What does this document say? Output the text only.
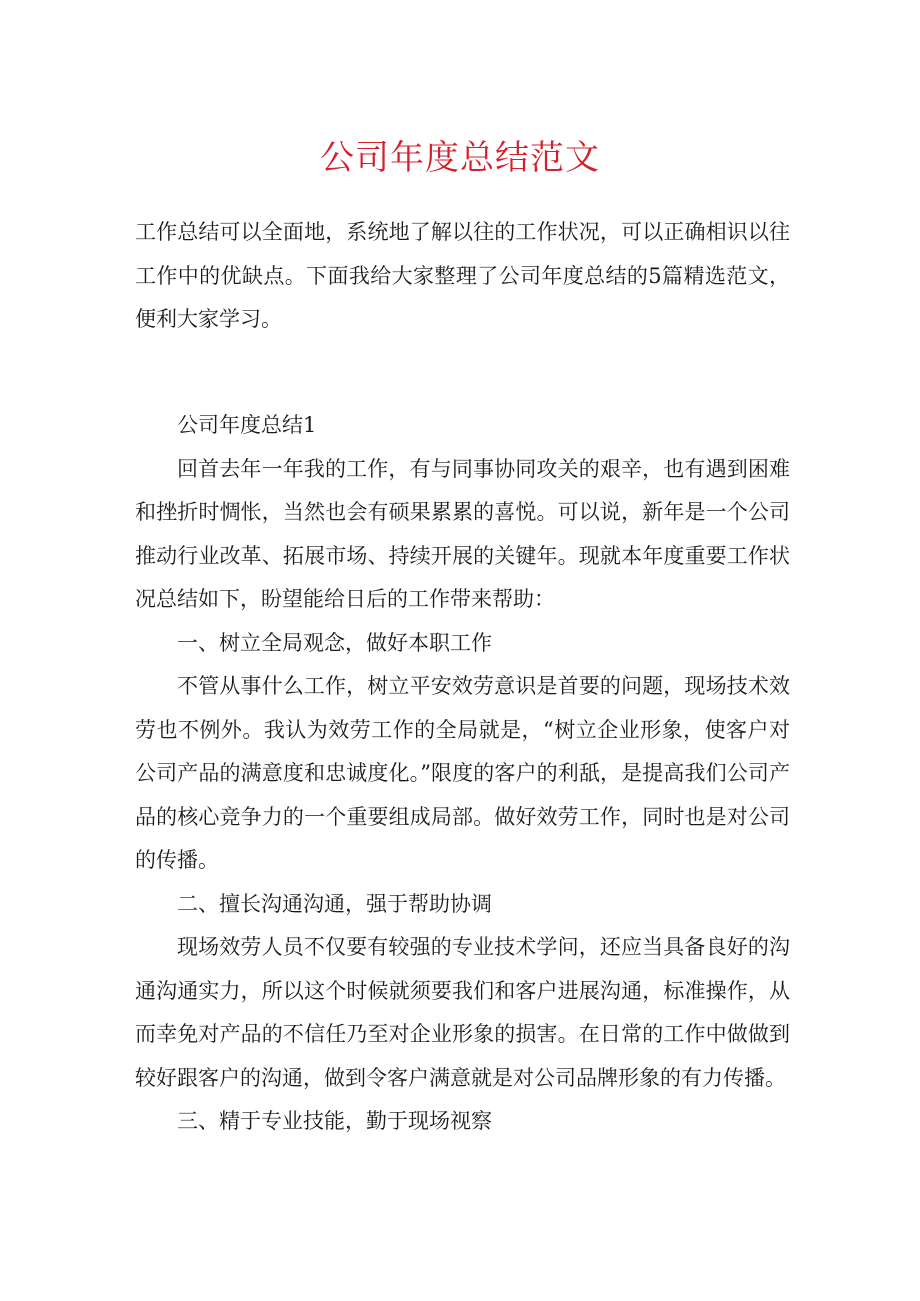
公司年度总结范文

工作总结可以全面地，系统地了解以往的工作状况，可以正确相识以往工作中的优缺点。下面我给大家整理了公司年度总结的5篇精选范文，便利大家学习。

公司年度总结1

回首去年一年我的工作，有与同事协同攻关的艰辛，也有遇到困难和挫折时惆怅，当然也会有硕果累累的喜悦。可以说，新年是一个公司推动行业改革、拓展市场、持续开展的关键年。现就本年度重要工作状况总结如下，盼望能给日后的工作带来帮助：

一、树立全局观念，做好本职工作

不管从事什么工作，树立平安效劳意识是首要的问题，现场技术效劳也不例外。我认为效劳工作的全局就是，“树立企业形象，使客户对公司产品的满意度和忠诚度化。”限度的客户的利舐，是提高我们公司产品的核心竞争力的一个重要组成局部。做好效劳工作，同时也是对公司的传播。

二、擅长沟通沟通，强于帮助协调

现场效劳人员不仅要有较强的专业技术学问，还应当具备良好的沟通沟通实力，所以这个时候就须要我们和客户进展沟通，标准操作，从而幸免对产品的不信任乃至对企业形象的损害。在日常的工作中做做到较好跟客户的沟通，做到令客户满意就是对公司品牌形象的有力传播。

三、精于专业技能，勤于现场视察
